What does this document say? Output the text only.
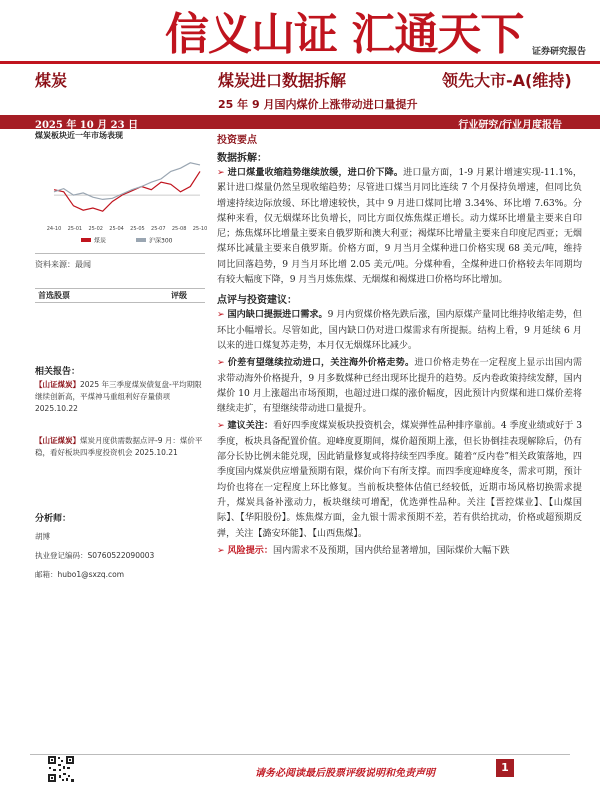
信义山证 汇通天下 证券研究报告
煤炭	煤炭进口数据拆解	领先大市-A(维持)
25 年 9 月国内煤价上涨带动进口量提升
2025 年 10 月 23 日	行业研究/行业月度报告
煤炭板块近一年市场表现
24-10 25-01 25-02 25-04 25-05 25-07 25-08 25-10
煤炭	沪深300
资料来源：最闻
首选股票	评级
相关报告：
【山证煤炭】2025 年三季度煤炭债复盘-平均期限继续创新高，平煤神马重组利好存量债项 2025.10.22
【山证煤炭】煤炭月度供需数据点评-9 月：煤价平稳，看好板块四季度投资机会 2025.10.21
分析师：
胡博
执业登记编码：S0760522090003
邮箱：hubo1@sxzq.com
投资要点
数据拆解：

➢ 进口煤量收缩趋势继续放缓，进口价下降。进口量方面，1-9 月累计增速实现-11.1%，累计进口煤量仍然呈现收缩趋势；尽管进口煤当月同比连续 7 个月保持负增速，但同比负增速持续边际放缓、环比增速较快，其中 9 月进口煤同比增 3.34%、环比增 7.63%。分煤种来看，仅无烟煤环比负增长，同比方面仅炼焦煤正增长。动力煤环比增量主要来自印尼；炼焦煤环比增量主要来自俄罗斯和澳大利亚；褐煤环比增量主要来自印度尼西亚；无烟煤环比减量主要来自俄罗斯。价格方面，9 月当月全煤种进口价格实现 68 美元/吨，维持同比回落趋势，9 月当月环比增 2.05 美元/吨。分煤种看，全煤种进口价格较去年同期均有较大幅度下降，9 月当月炼焦煤、无烟煤和褐煤进口价格均环比增加。

点评与投资建议：

➢ 国内缺口提振进口需求。9 月内贸煤价格先跌后涨，国内原煤产量同比维持收缩走势，但环比小幅增长。尽管如此，国内缺口仍对进口煤需求有所提振。结构上看，9 月延续 6 月以来的进口煤复苏走势，本月仅无烟煤环比减少。

➢ 价差有望继续拉动进口，关注海外价格走势。进口价格走势在一定程度上显示出国内需求带动海外价格提升，9 月多数煤种已经出现环比提升的趋势。反内卷政策持续发酵，国内煤价 10 月上涨超出市场预期，也超过进口煤的涨价幅度，因此预计内贸煤和进口煤价差将继续走扩，有望继续带动进口量提升。

➢ 建议关注：看好四季度煤炭板块投资机会，煤炭弹性品种排序靠前。4 季度业绩或好于 3 季度，板块具备配置价值。迎峰度夏期间，煤价超预期上涨，但长协倒挂表现解除后，仍有部分长协比例未能兑现，因此销量修复或将持续至四季度。随着“反内卷”相关政策落地，四季度国内煤炭供应增量预期有限，煤价向下有所支撑。而四季度迎峰度冬，需求可期，预计均价也将在一定程度上环比修复。当前板块整体估值已经较低，近期市场风格切换需求提升，煤炭具备补涨动力，板块继续可增配，优选弹性品种。关注【晋控煤业】、【山煤国际】、【华阳股份】。炼焦煤方面，金九银十需求预期不差，若有供给扰动，价格或超预期反弹，关注【潞安环能】、【山西焦煤】。

➢ 风险提示：国内需求不及预期，国内供给显著增加，国际煤价大幅下跌

请务必阅读最后股票评级说明和免责声明	1
